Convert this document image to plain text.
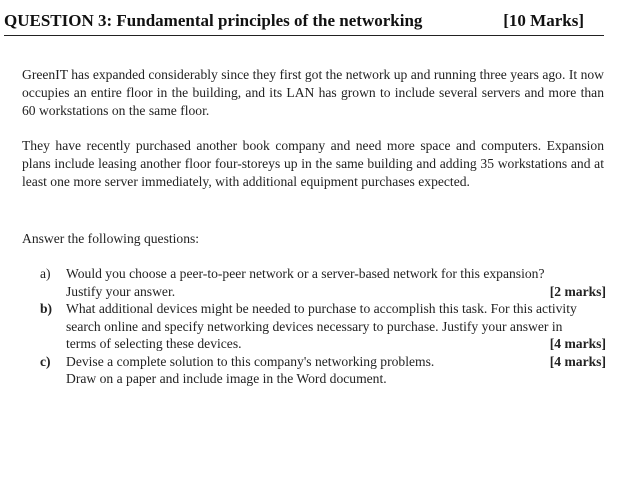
QUESTION 3: Fundamental principles of the networking	[10 Marks]
GreenIT has expanded considerably since they first got the network up and running three years ago. It now occupies an entire floor in the building, and its LAN has grown to include several servers and more than 60 workstations on the same floor.
They have recently purchased another book company and need more space and computers. Expansion plans include leasing another floor four-storeys up in the same building and adding 35 workstations and at least one more server immediately, with additional equipment purchases expected.
Answer the following questions:
a) Would you choose a peer-to-peer network or a server-based network for this expansion?
Justify your answer.	[2 marks]
b) What additional devices might be needed to purchase to accomplish this task. For this activity
search online and specify networking devices necessary to purchase. Justify your answer in
terms of selecting these devices.	[4 marks]
c) Devise a complete solution to this company's networking problems.	[4 marks]
Draw on a paper and include image in the Word document.
